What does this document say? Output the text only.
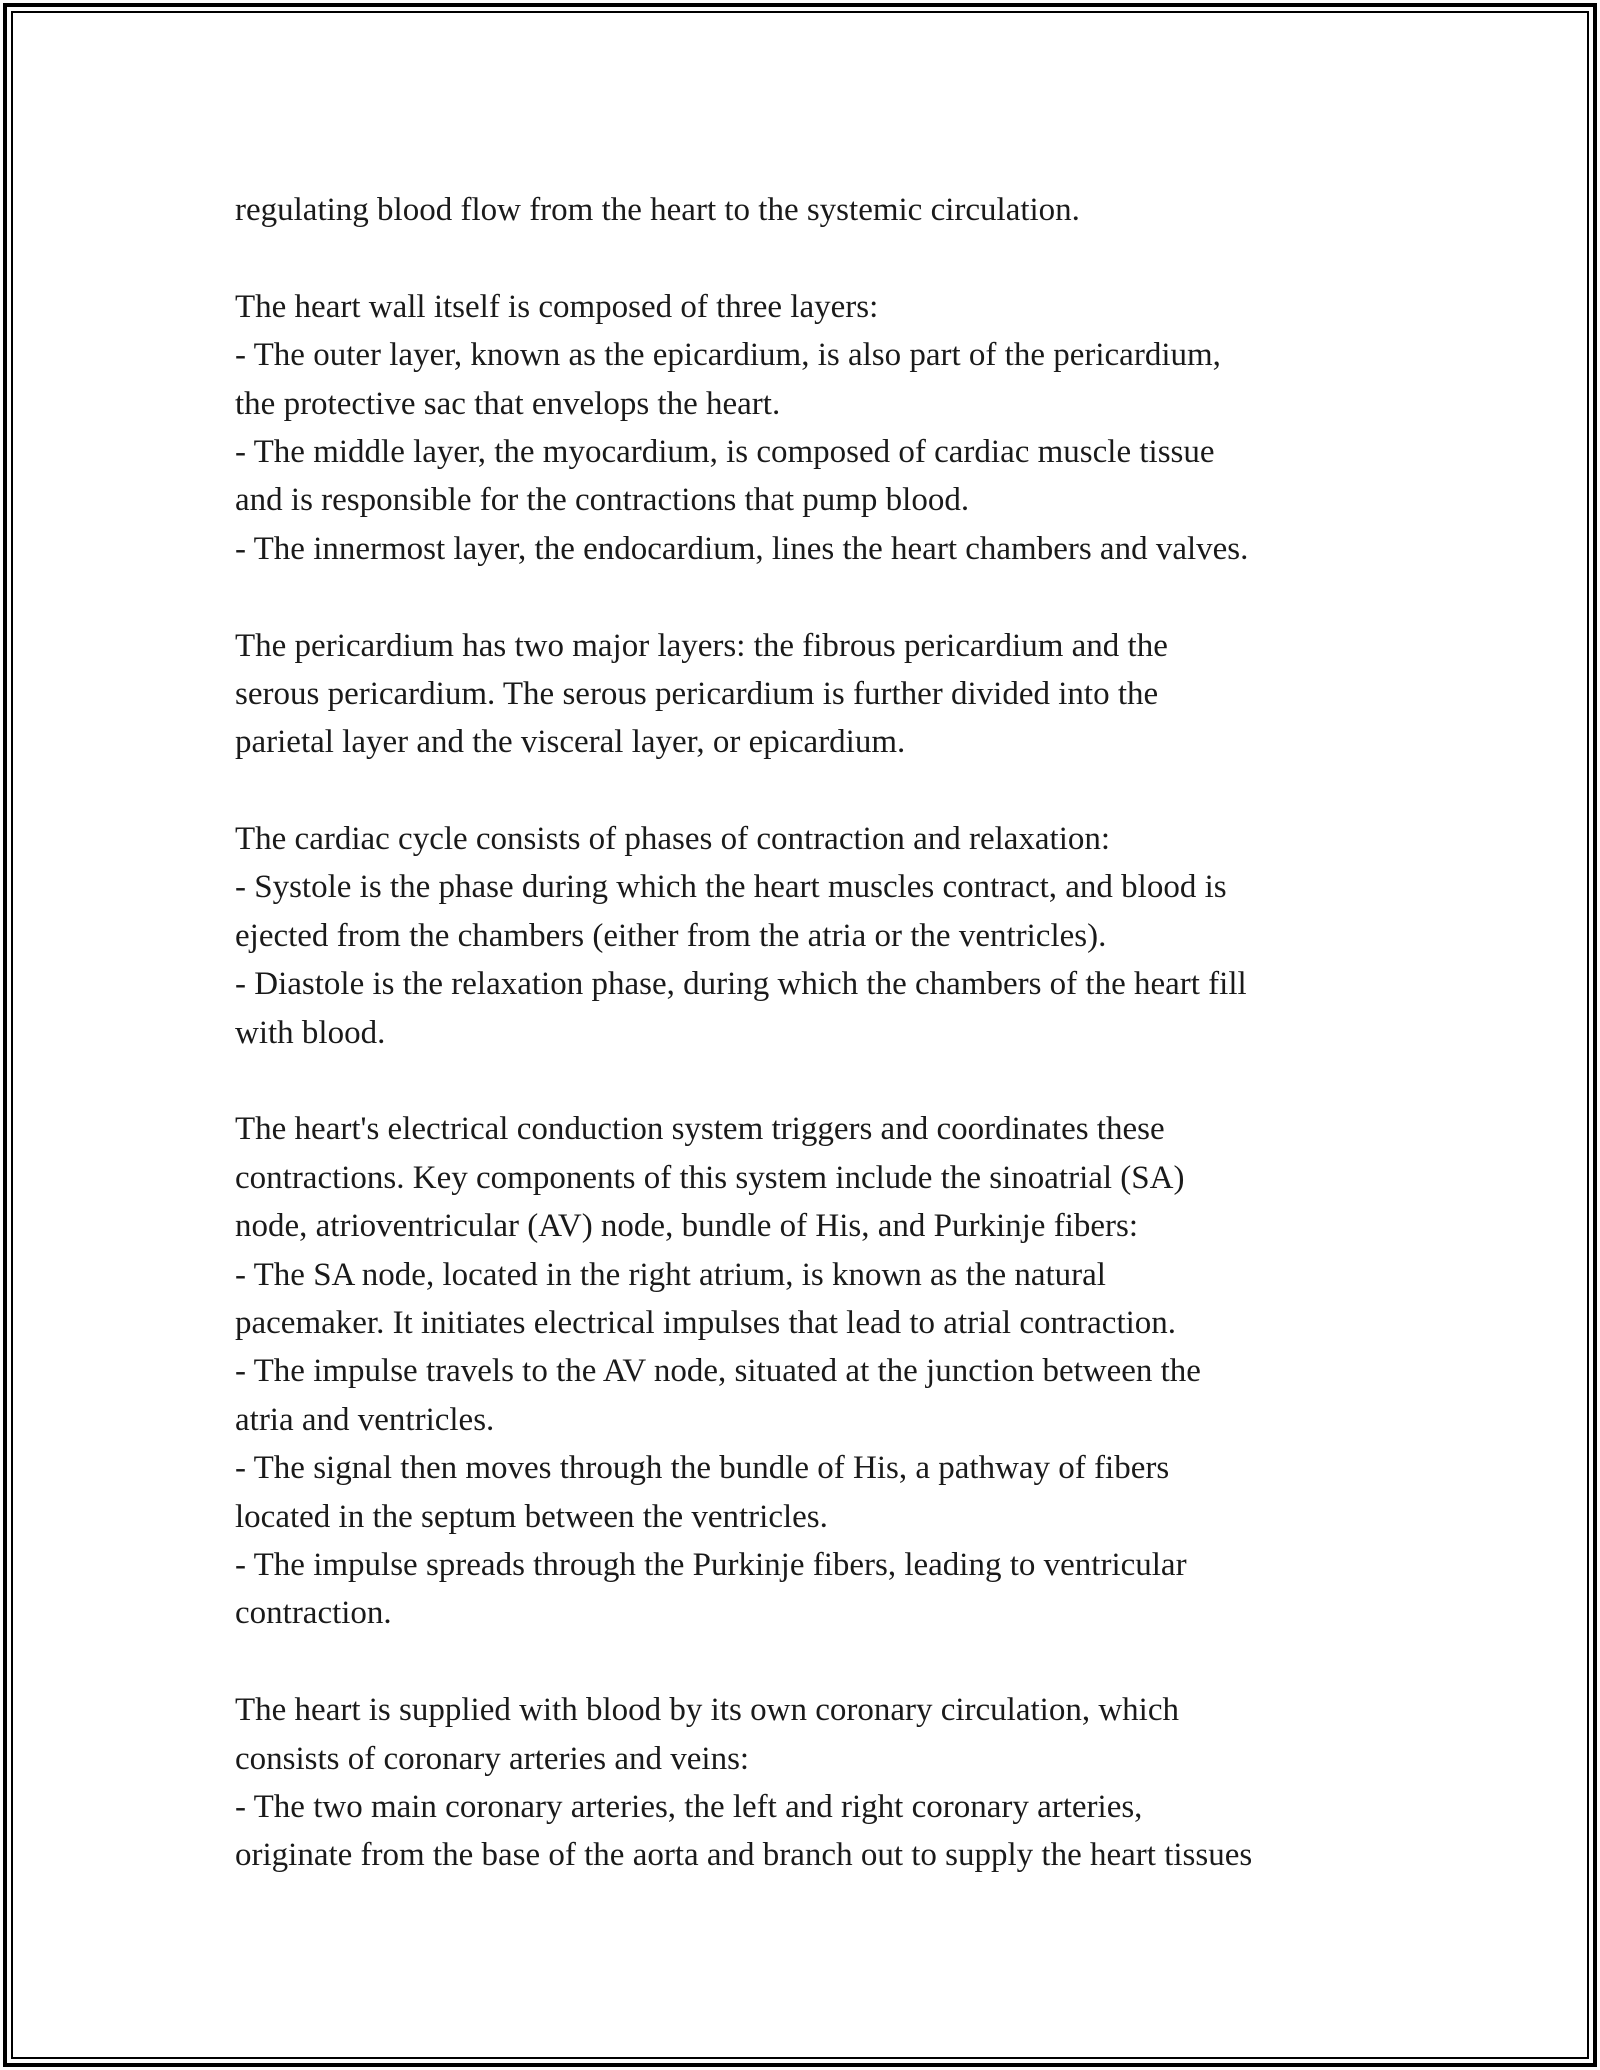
regulating blood flow from the heart to the systemic circulation.
The heart wall itself is composed of three layers:
- The outer layer, known as the epicardium, is also part of the pericardium,
the protective sac that envelops the heart.
- The middle layer, the myocardium, is composed of cardiac muscle tissue
and is responsible for the contractions that pump blood.
- The innermost layer, the endocardium, lines the heart chambers and valves.
The pericardium has two major layers: the fibrous pericardium and the
serous pericardium. The serous pericardium is further divided into the
parietal layer and the visceral layer, or epicardium.
The cardiac cycle consists of phases of contraction and relaxation:
- Systole is the phase during which the heart muscles contract, and blood is
ejected from the chambers (either from the atria or the ventricles).
- Diastole is the relaxation phase, during which the chambers of the heart fill
with blood.
The heart's electrical conduction system triggers and coordinates these
contractions. Key components of this system include the sinoatrial (SA)
node, atrioventricular (AV) node, bundle of His, and Purkinje fibers:
- The SA node, located in the right atrium, is known as the natural
pacemaker. It initiates electrical impulses that lead to atrial contraction.
- The impulse travels to the AV node, situated at the junction between the
atria and ventricles.
- The signal then moves through the bundle of His, a pathway of fibers
located in the septum between the ventricles.
- The impulse spreads through the Purkinje fibers, leading to ventricular
contraction.
The heart is supplied with blood by its own coronary circulation, which
consists of coronary arteries and veins:
- The two main coronary arteries, the left and right coronary arteries,
originate from the base of the aorta and branch out to supply the heart tissues
